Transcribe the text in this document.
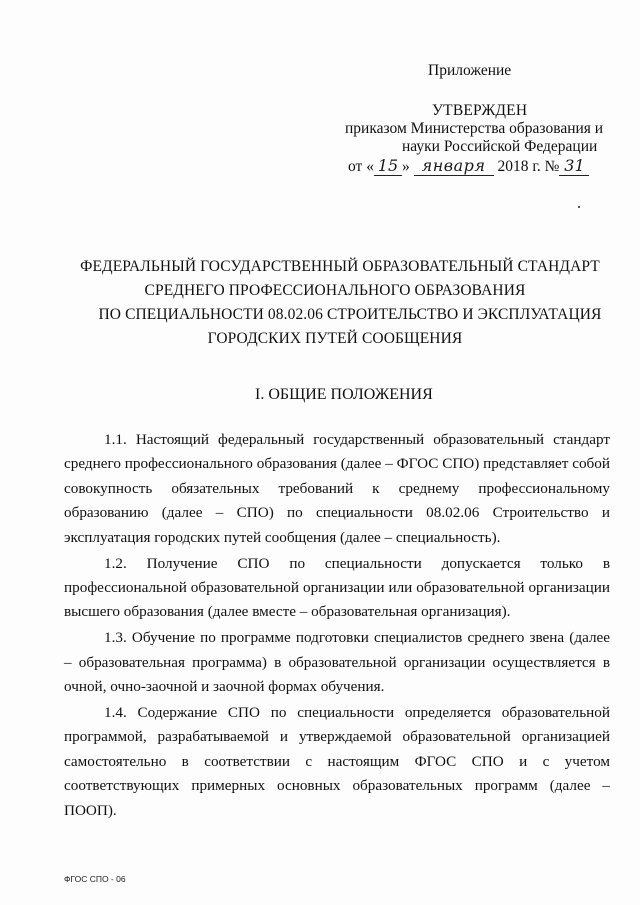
Приложение
УТВЕРЖДЕН
приказом Министерства образования и
науки Российской Федерации
от « 15 » января 2018 г. № 31
ФЕДЕРАЛЬНЫЙ ГОСУДАРСТВЕННЫЙ ОБРАЗОВАТЕЛЬНЫЙ СТАНДАРТ
СРЕДНЕГО ПРОФЕССИОНАЛЬНОГО ОБРАЗОВАНИЯ
ПО СПЕЦИАЛЬНОСТИ 08.02.06 СТРОИТЕЛЬСТВО И ЭКСПЛУАТАЦИЯ
ГОРОДСКИХ ПУТЕЙ СООБЩЕНИЯ
I. ОБЩИЕ ПОЛОЖЕНИЯ

1.1. Настоящий федеральный государственный образовательный стандарт среднего профессионального образования (далее – ФГОС СПО) представляет собой совокупность обязательных требований к среднему профессиональному образованию (далее – СПО) по специальности 08.02.06 Строительство и эксплуатация городских путей сообщения (далее – специальность).

1.2. Получение СПО по специальности допускается только в профессиональной образовательной организации или образовательной организации высшего образования (далее вместе – образовательная организация).

1.3. Обучение по программе подготовки специалистов среднего звена (далее – образовательная программа) в образовательной организации осуществляется в очной, очно-заочной и заочной формах обучения.

1.4. Содержание СПО по специальности определяется образовательной программой, разрабатываемой и утверждаемой образовательной организацией самостоятельно в соответствии с настоящим ФГОС СПО и с учетом соответствующих примерных основных образовательных программ (далее – ПООП).

ФГОС СПО - 06
